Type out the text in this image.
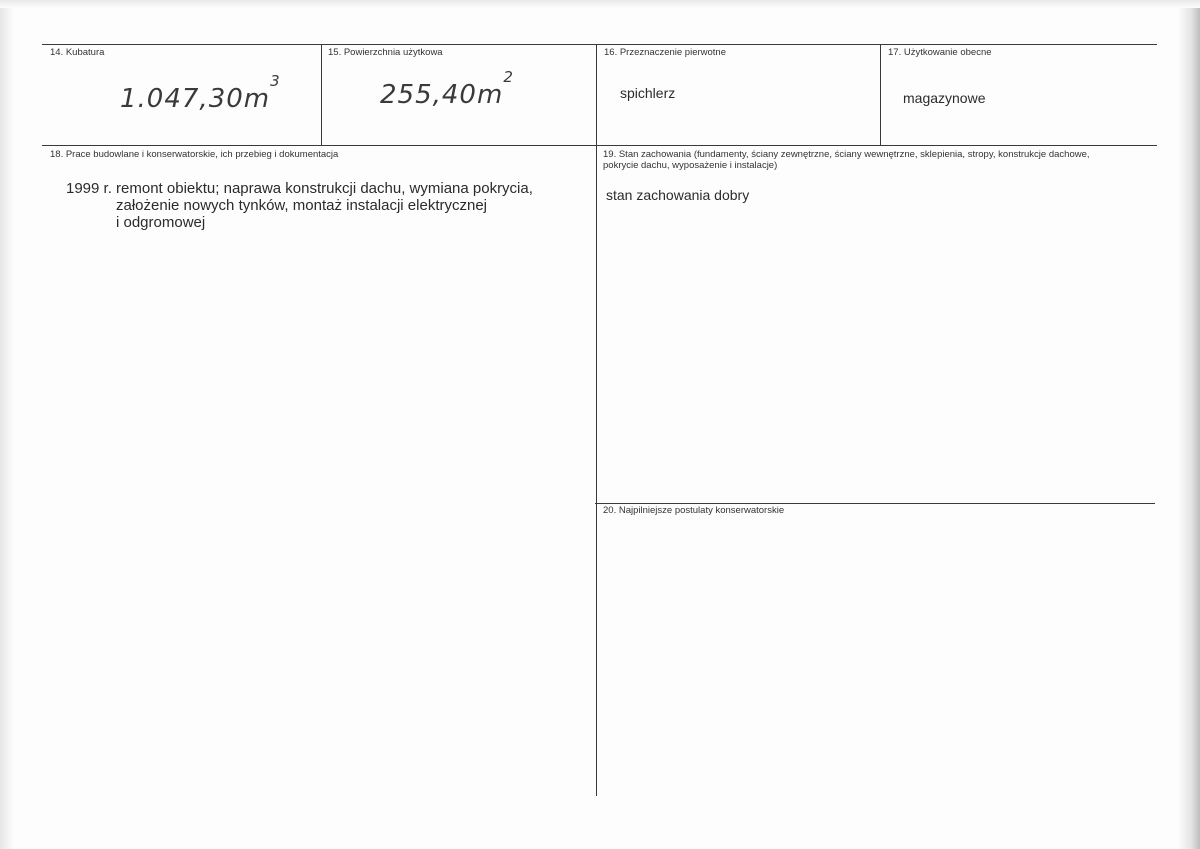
14. Kubatura
$1.047,30m^3$
15. Powierzchnia użytkowa
$255,40m^2$
16. Przeznaczenie pierwotne
spichlerz
17. Użytkowanie obecne
magazynowe
18. Prace budowlane i konserwatorskie, ich przebieg i dokumentacja
1999 r. remont obiektu; naprawa konstrukcji dachu, wymiana pokrycia,
założenie nowych tynków, montaż instalacji elektrycznej
i odgromowej
19. Stan zachowania (fundamenty, ściany zewnętrzne, ściany wewnętrzne, sklepienia, stropy, konstrukcje dachowe, pokrycie dachu, wyposażenie i instalacje)
stan zachowania dobry
20. Najpilniejsze postulaty konserwatorskie
